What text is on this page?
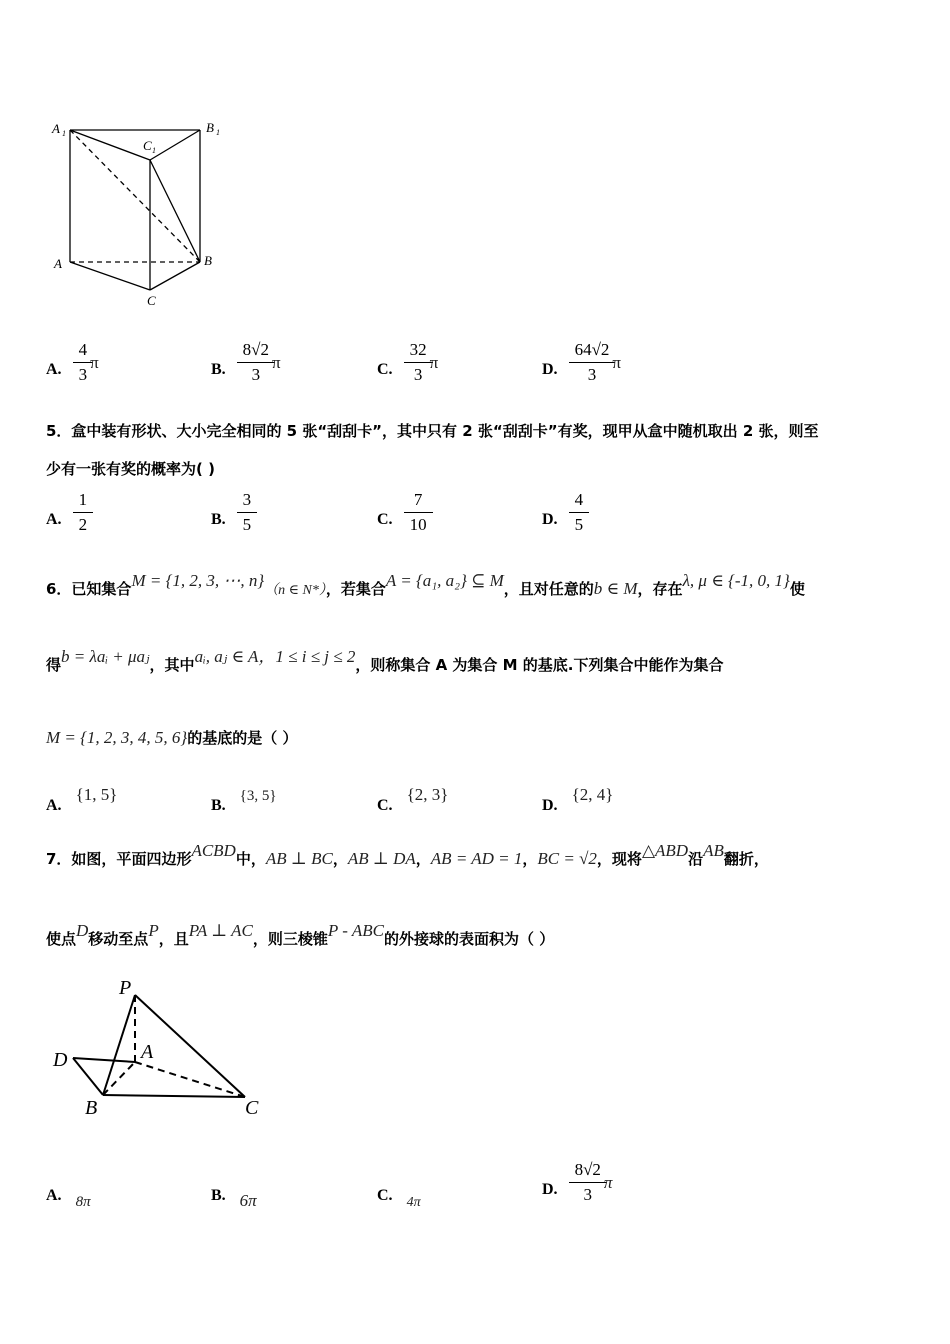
A 1	B 1
C 1
A	B
C
A. $\frac{4}{3}$ π	B. $\frac{8√2}{3}$ π	C. $\frac{32}{3}$ π	D. $\frac{64√2}{3}$ π
5．盒中装有形状、大小完全相同的 5 张“刮刮卡”，其中只有 2 张“刮刮卡”有奖，现甲从盒中随机取出 2 张，则至
少有一张有奖的概率为( )
A. $\frac{1}{2}$	B. $\frac{3}{5}$	C. $\frac{7}{10}$	D. $\frac{4}{5}$
6．已知集合M = {1, 2, 3, ⋯, n}（n ∈ N*），若集合A = {a₁, a₂} ⊆ M，且对任意的b ∈ M，存在λ, μ ∈ {-1, 0, 1}使
得b = λaᵢ + μaⱼ，其中aᵢ, aⱼ ∈ A，1 ≤ i ≤ j ≤ 2，则称集合 A 为集合 M 的基底.下列集合中能作为集合
M = {1, 2, 3, 4, 5, 6}的基底的是（ ）
A.{1, 5}
B.{3, 5}
C.{2, 3}
D.{2, 4}
7．如图，平面四边形ACBD中，AB ⊥ BC，AB ⊥ DA，AB = AD = 1，BC = √2，现将△ABD沿AB翻折，
使点D移动至点P，且PA ⊥ AC，则三棱锥P - ABC的外接球的表面积为（ ）
P
A
D
B	C
A. 8π	B. 6π	C. 4π
D. $\frac{8√2}{3}$ π
